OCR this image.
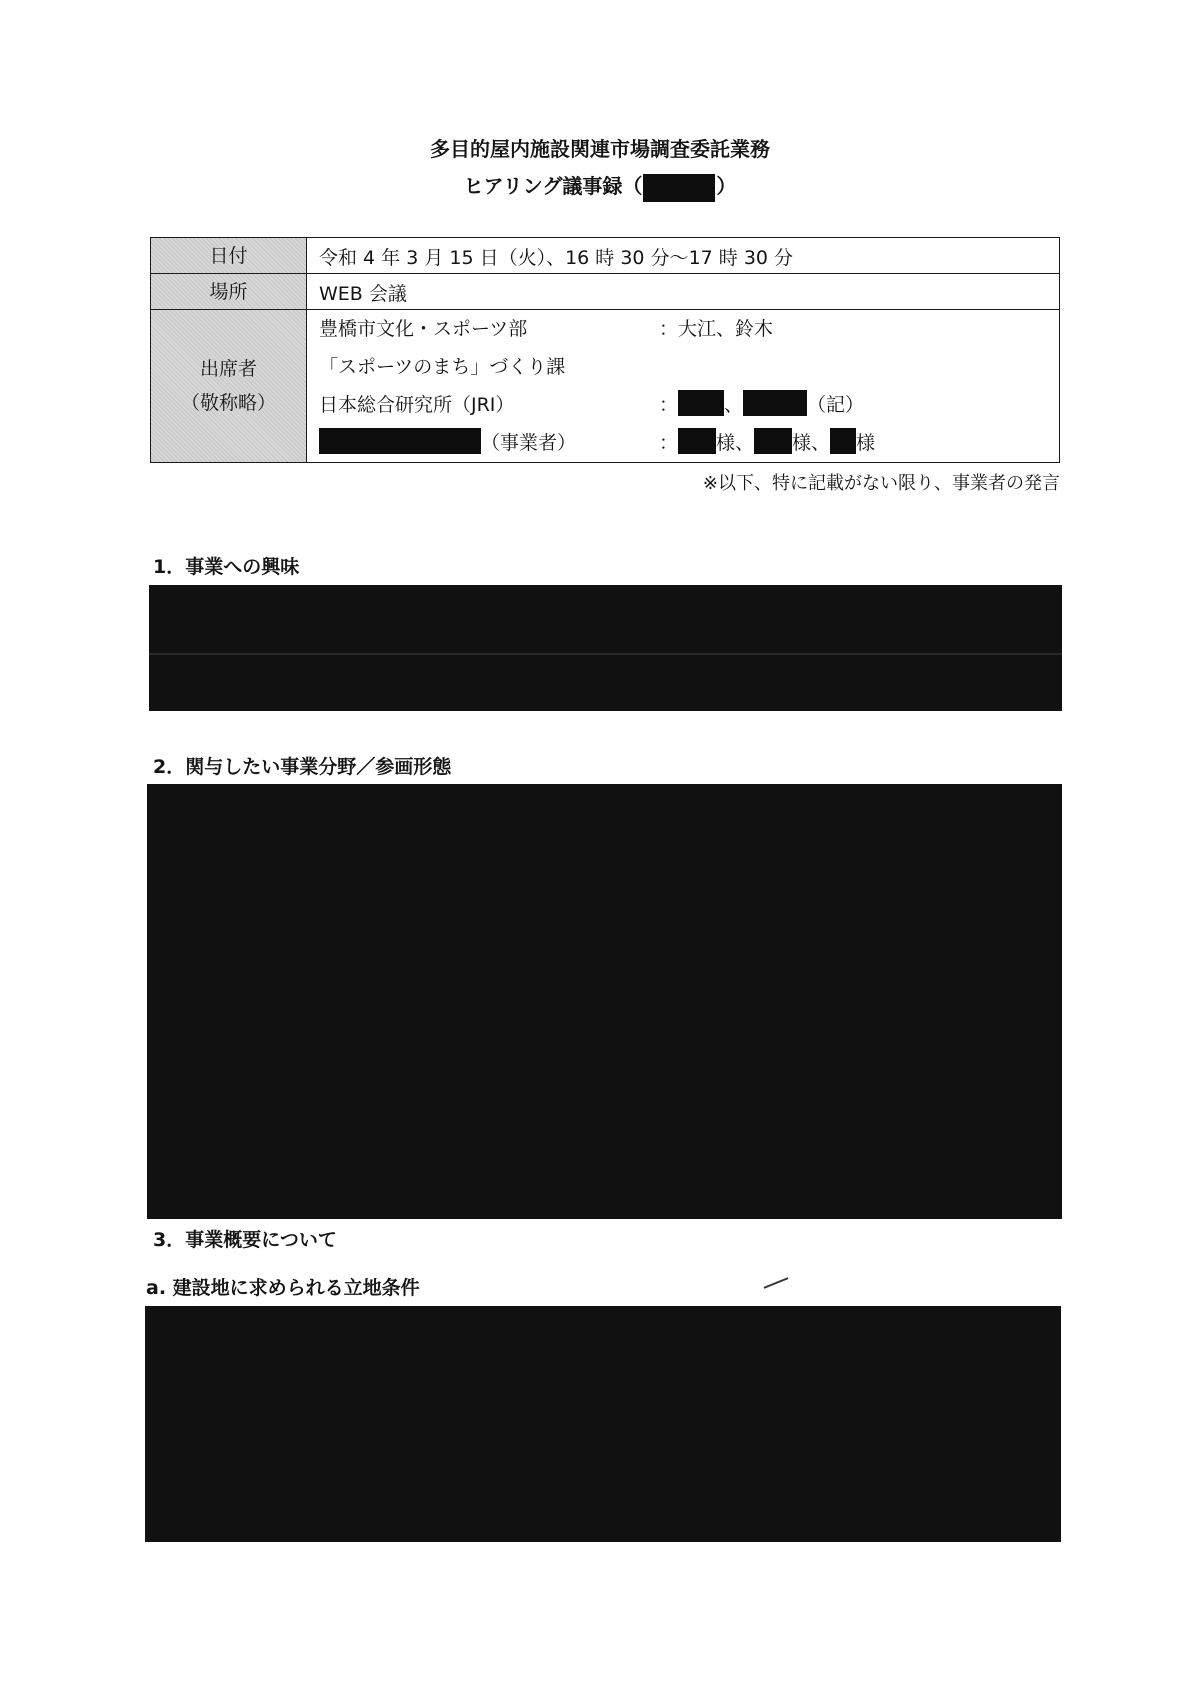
多目的屋内施設関連市場調査委託業務
ヒアリング議事録（	）
日付	令和 4 年 3 月 15 日（火）、16 時 30 分～17 時 30 分
場所	WEB 会議
出席者
（敬称略）
豊橋市文化・スポーツ部	：大江、鈴木
「スポーツのまち」づくり課
日本総合研究所（JRI）	： 、	（記）
（事業者）	： 様、 様、 様
※以下、特に記載がない限り、事業者の発言
1．事業への興味
2．関与したい事業分野／参画形態
3．事業概要について
a. 建設地に求められる立地条件
